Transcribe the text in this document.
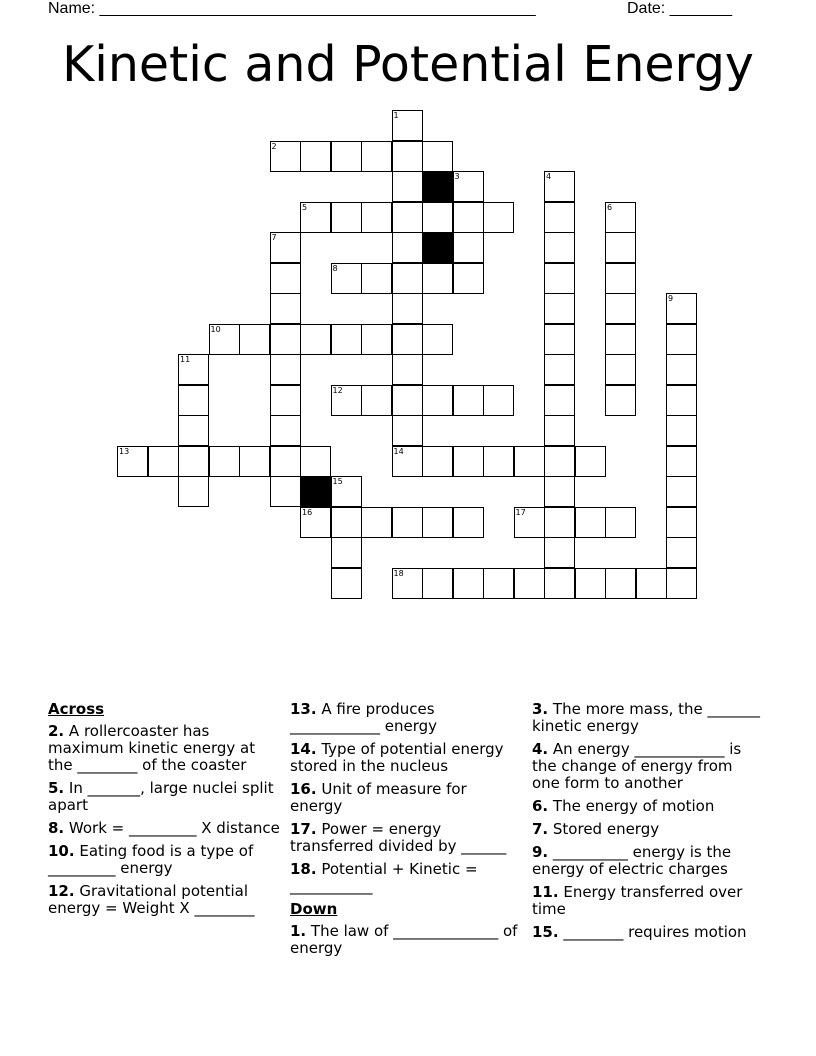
Name: _________________________________________________	Date: _______
Kinetic and Potential Energy
1
2
3	4
5	6
7
8
9
10
11
12
13	14
15
16	17
18
Across
2. A rollercoaster has maximum kinetic energy at the ________ of the coaster
5. In _______, large nuclei split apart
8. Work = _________ X distance
10. Eating food is a type of _________ energy
12. Gravitational potential energy = Weight X ________
13. A fire produces ____________ energy
14. Type of potential energy stored in the nucleus
16. Unit of measure for energy
17. Power = energy transferred divided by ______
18. Potential + Kinetic = ___________
Down
1. The law of ______________ of energy
3. The more mass, the _______ kinetic energy
4. An energy ____________ is the change of energy from one form to another
6. The energy of motion
7. Stored energy
9. __________ energy is the energy of electric charges
11. Energy transferred over time
15. ________ requires motion
